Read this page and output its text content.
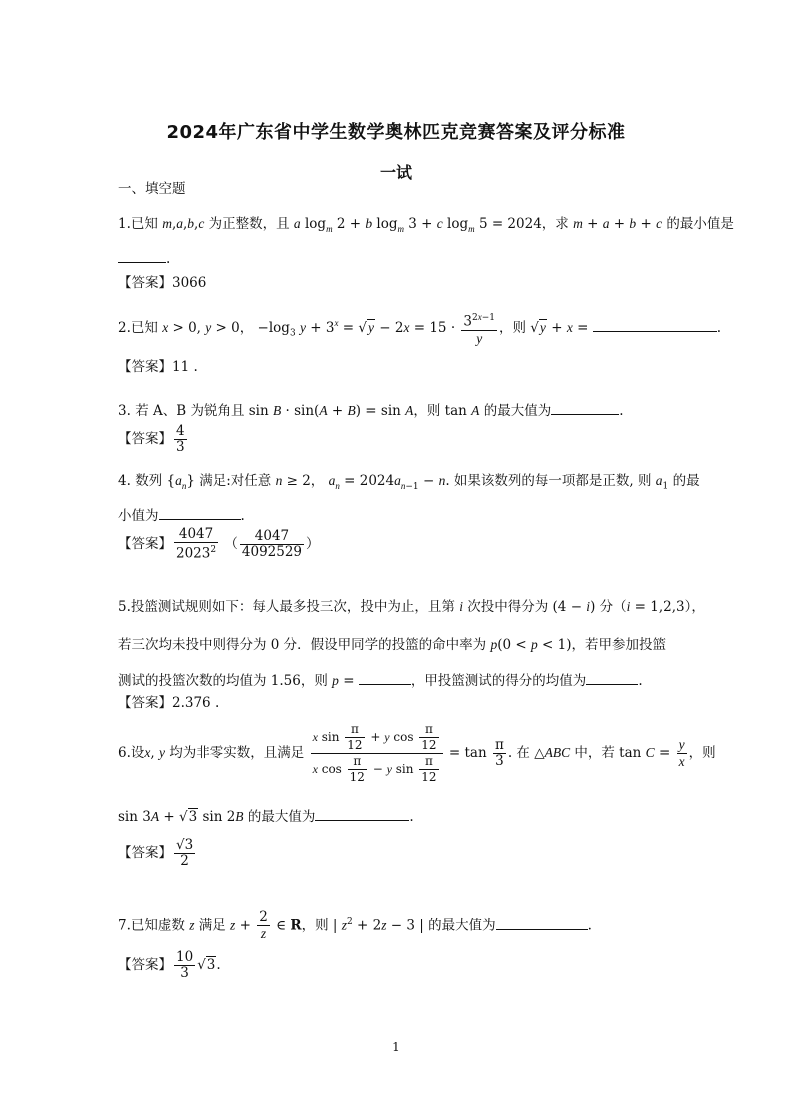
2024年广东省中学生数学奥林匹克竞赛答案及评分标准
一试
一、填空题
1.已知 m,a,b,c 为正整数，且 a $\log_m 2 + b$ $\log_m 3 + c$ $\log_m 5 = 2024$，求 m + a + b + c 的最小值是
.
【答案】3066
2.已知 x > 0, y > 0， $-\log_3$ $y + 3^x = √y - 2x = 15 \cdot \frac{3^{2x-1}}{y}$ ，则 √y + x =	.
【答案】11 .
3. 若 A、B 为锐角且 sin B · sin(A + B) = sin A，则 tan A 的最大值为	.
【答案】 $\frac{4}{3}$
4. 数列 $\{a_n\}$ 满足:对任意 n ≥ 2， $a_n = 2024a_{n-1} - n$. 如果该数列的每一项都是正数, 则 $a_1$ 的最
小值为	.
【答案】 $\frac{4047}{2023^2}$ （ $\frac{4047}{4092529}$ ）
5.投篮测试规则如下：每人最多投三次，投中为止，且第 i 次投中得分为 (4 − i) 分（i = 1,2,3），
若三次均未投中则得分为 0 分．假设甲同学的投篮的命中率为 p(0 < p < 1)，若甲参加投篮
测试的投篮次数的均值为 1.56，则 p =	，甲投篮测试的得分的均值为	.
【答案】2.376 .
6.设x, y 均为非零实数，且满足 $\frac{x \sin \frac{\pi}{12} + y \cos \frac{\pi}{12}}{x \cos \frac{\pi}{12} - y \sin \frac{\pi}{12}} = \tan \frac{\pi}{3}$ . 在 △ABC 中，若 $\tan C = \frac{y}{x}$ ，则
sin 3A + √3 sin 2B 的最大值为	.
【答案】 $\frac{√3}{2}$
7.已知虚数 z 满足 $z + \frac{2}{z}$ ∈ R，则 | $z^2 + 2z - 3$ | 的最大值为	.
【答案】 $\frac{10}{3} √3$.
1
